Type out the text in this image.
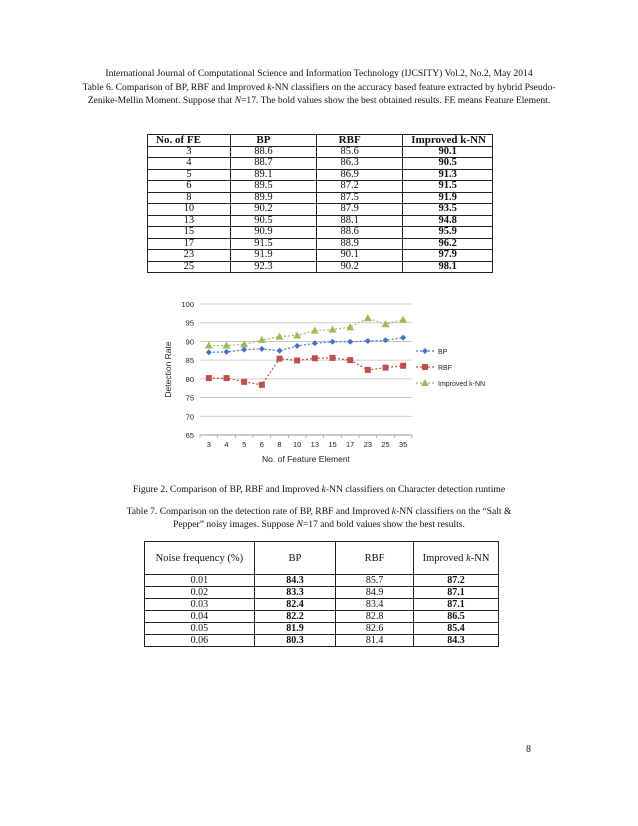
International Journal of Computational Science and Information Technology (IJCSITY) Vol.2, No.2, May 2014
Table 6. Comparison of BP, RBF and Improved k-NN classifiers on the accuracy based feature extracted by hybrid Pseudo-Zenike-Mellin Moment. Suppose that N=17. The bold values show the best obtained results. FE means Feature Element.
No. of FE	BP	RBF	Improved k-NN
3	88.6	85.6	90.1
4	88.7	86.3	90.5
5	89.1	86.9	91.3
6	89.5	87.2	91.5
8	89.9	87.5	91.9
10	90.2	87.9	93.5
13	90.5	88.1	94.8
15	90.9	88.6	95.9
17	91.5	88.9	96.2
23	91.9	90.1	97.9
25	92.3	90.2	98.1
65
70
75
80
85
90
95
100
3 4 5 6 8 10 13 15 17 23 25 35
No. of Feature Element
Detection Rate	BP
RBF
Improved k-NN
Figure 2. Comparison of BP, RBF and Improved k-NN classifiers on Character detection runtime
Table 7. Comparison on the detection rate of BP, RBF and Improved k-NN classifiers on the “Salt & Pepper” noisy images. Suppose N=17 and bold values show the best results.
Noise frequency (%)	BP	RBF	Improved k-NN
0.01	84.3	85.7	87.2
0.02	83.3	84.9	87.1
0.03	82.4	83.4	87.1
0.04	82.2	82.8	86.5
0.05	81.9	82.6	85.4
0.06	80.3	81.4	84.3
8
